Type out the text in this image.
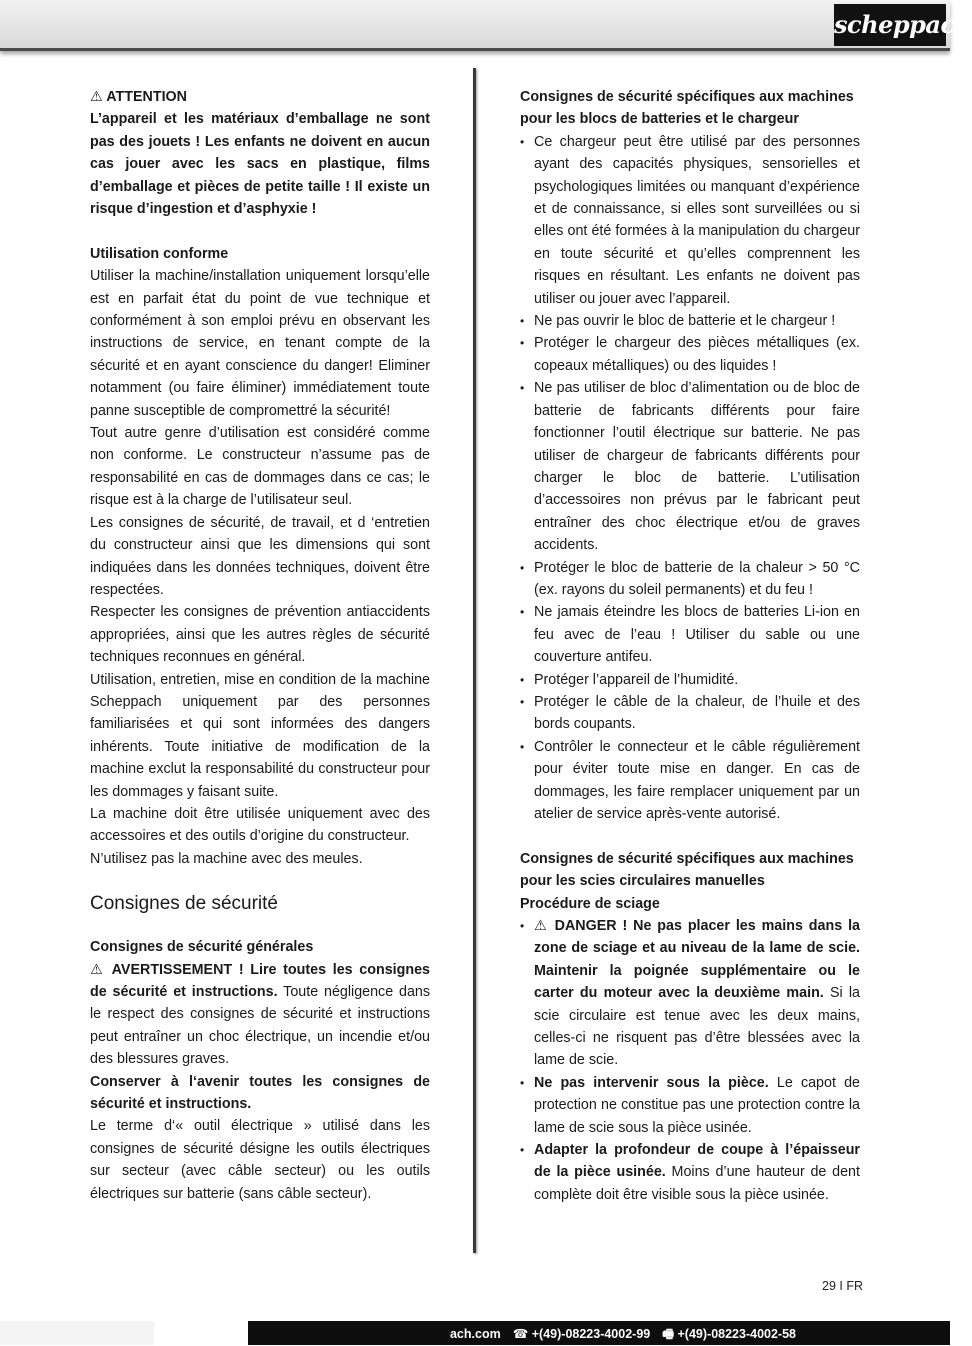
scheppach

⚠ ATTENTION

L’appareil et les matériaux d’emballage ne sont pas des jouets ! Les enfants ne doivent en aucun cas jouer avec les sacs en plastique, films d’emballage et pièces de petite taille ! Il existe un risque d’ingestion et d’asphyxie !

Utilisation conforme

Utiliser la machine/installation uniquement lorsqu’elle est en parfait état du point de vue technique et conformément à son emploi prévu en observant les instructions de service, en tenant compte de la sécurité et en ayant conscience du danger! Eliminer notamment (ou faire éliminer) immédiatement toute panne susceptible de compromettré la sécurité!

Tout autre genre d’utilisation est considéré comme non conforme. Le constructeur n’assume pas de responsabilité en cas de dommages dans ce cas; le risque est à la charge de l’utilisateur seul.

Les consignes de sécurité, de travail, et d ‘entretien du constructeur ainsi que les dimensions qui sont indiquées dans les données techniques, doivent être respectées.

Respecter les consignes de prévention antiaccidents appropriées, ainsi que les autres règles de sécurité techniques reconnues en général.

Utilisation, entretien, mise en condition de la machine Scheppach uniquement par des personnes familiarisées et qui sont informées des dangers inhérents. Toute initiative de modification de la machine exclut la responsabilité du constructeur pour les dommages y faisant suite.

La machine doit être utilisée uniquement avec des accessoires et des outils d’origine du constructeur.

N’utilisez pas la machine avec des meules.

Consignes de sécurité

Consignes de sécurité générales

⚠ AVERTISSEMENT ! Lire toutes les consignes de sécurité et instructions. Toute négligence dans le respect des consignes de sécurité et instructions peut entraîner un choc électrique, un incendie et/ou des blessures graves.

Conserver à l‘avenir toutes les consignes de sécurité et instructions.

Le terme d‘« outil électrique » utilisé dans les consignes de sécurité désigne les outils électriques sur secteur (avec câble secteur) ou les outils électriques sur batterie (sans câble secteur).

Consignes de sécurité spécifiques aux machines pour les blocs de batteries et le chargeur

• Ce chargeur peut être utilisé par des personnes ayant des capacités physiques, sensorielles et psychologiques limitées ou manquant d’expérience et de connaissance, si elles sont surveillées ou si elles ont été formées à la manipulation du chargeur en toute sécurité et qu’elles comprennent les risques en résultant. Les enfants ne doivent pas utiliser ou jouer avec l’appareil.
• Ne pas ouvrir le bloc de batterie et le chargeur !
• Protéger le chargeur des pièces métalliques (ex. copeaux métalliques) ou des liquides !
• Ne pas utiliser de bloc d’alimentation ou de bloc de batterie de fabricants différents pour faire fonctionner l’outil électrique sur batterie. Ne pas utiliser de chargeur de fabricants différents pour charger le bloc de batterie. L’utilisation d’accessoires non prévus par le fabricant peut entraîner des choc électrique et/ou de graves accidents.
• Protéger le bloc de batterie de la chaleur > 50 °C (ex. rayons du soleil permanents) et du feu !
• Ne jamais éteindre les blocs de batteries Li-ion en feu avec de l’eau ! Utiliser du sable ou une couverture antifeu.
• Protéger l’appareil de l’humidité.
• Protéger le câble de la chaleur, de l’huile et des bords coupants.
• Contrôler le connecteur et le câble régulièrement pour éviter toute mise en danger. En cas de dommages, les faire remplacer uniquement par un atelier de service après-vente autorisé.

Consignes de sécurité spécifiques aux machines pour les scies circulaires manuelles

Procédure de sciage

• ⚠ DANGER ! Ne pas placer les mains dans la zone de sciage et au niveau de la lame de scie. Maintenir la poignée supplémentaire ou le carter du moteur avec la deuxième main. Si la scie circulaire est tenue avec les deux mains, celles-ci ne risquent pas d’être blessées avec la lame de scie.
• Ne pas intervenir sous la pièce. Le capot de protection ne constitue pas une protection contre la lame de scie sous la pièce usinée.
• Adapter la profondeur de coupe à l’épaisseur de la pièce usinée. Moins d’une hauteur de dent complète doit être visible sous la pièce usinée.
29 I FR
ach.com ☎ +(49)-08223-4002-99 🖷 +(49)-08223-4002-58
